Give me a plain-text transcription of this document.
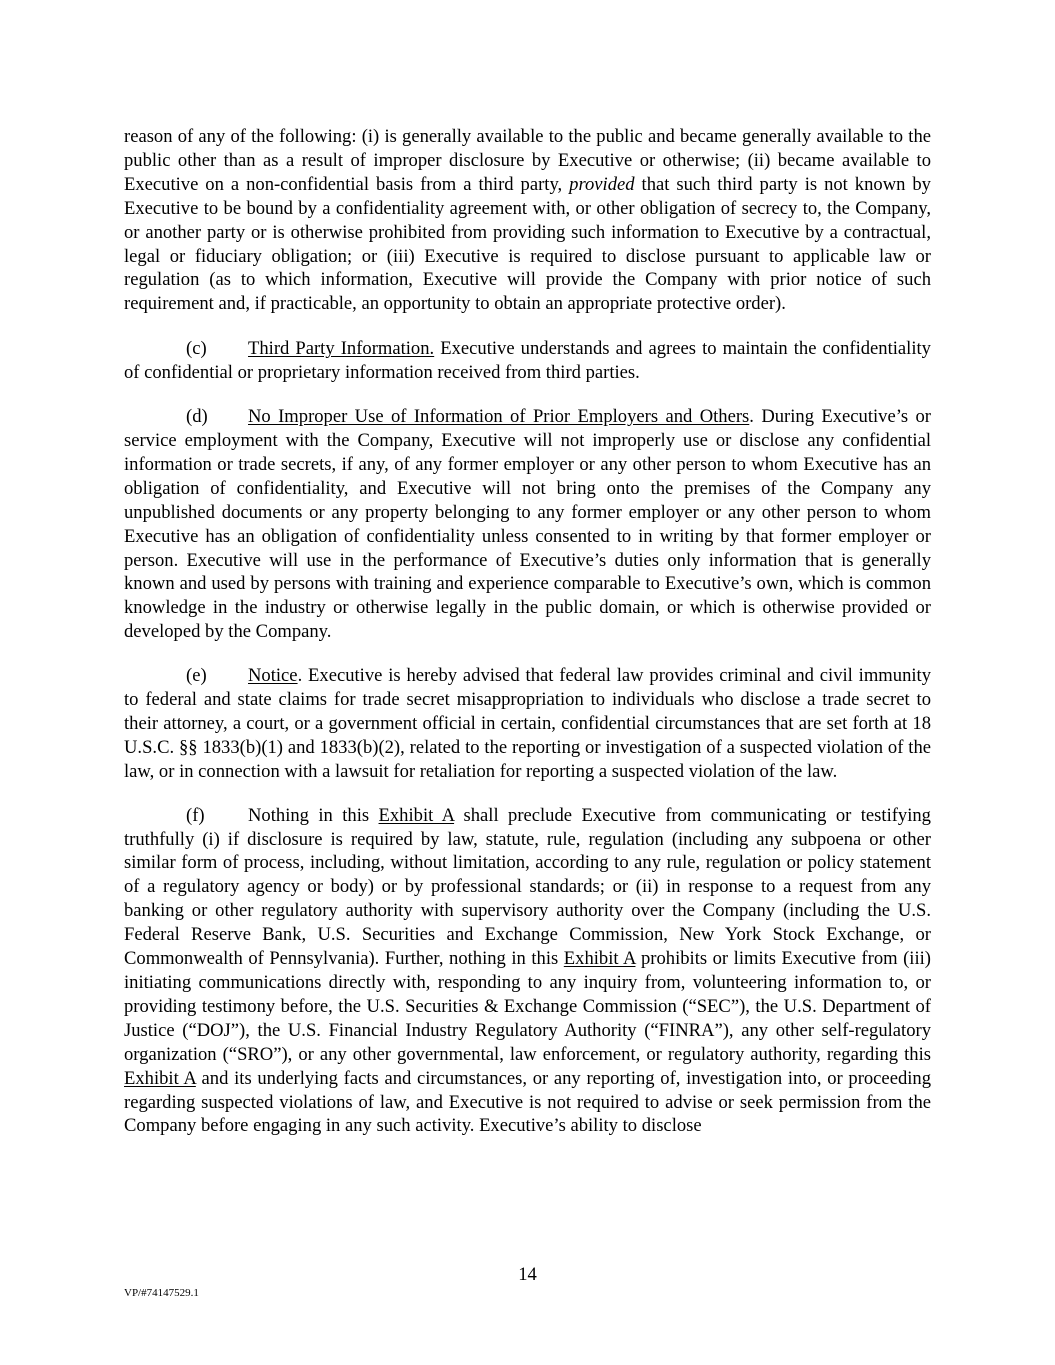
reason of any of the following: (i) is generally available to the public and became generally available to the public other than as a result of improper disclosure by Executive or otherwise; (ii) became available to Executive on a non-confidential basis from a third party, provided that such third party is not known by Executive to be bound by a confidentiality agreement with, or other obligation of secrecy to, the Company, or another party or is otherwise prohibited from providing such information to Executive by a contractual, legal or fiduciary obligation; or (iii) Executive is required to disclose pursuant to applicable law or regulation (as to which information, Executive will provide the Company with prior notice of such requirement and, if practicable, an opportunity to obtain an appropriate protective order).

(c) Third Party Information. Executive understands and agrees to maintain the confidentiality of confidential or proprietary information received from third parties.

(d) No Improper Use of Information of Prior Employers and Others. During Executive’s or service employment with the Company, Executive will not improperly use or disclose any confidential information or trade secrets, if any, of any former employer or any other person to whom Executive has an obligation of confidentiality, and Executive will not bring onto the premises of the Company any unpublished documents or any property belonging to any former employer or any other person to whom Executive has an obligation of confidentiality unless consented to in writing by that former employer or person. Executive will use in the performance of Executive’s duties only information that is generally known and used by persons with training and experience comparable to Executive’s own, which is common knowledge in the industry or otherwise legally in the public domain, or which is otherwise provided or developed by the Company.

(e) Notice. Executive is hereby advised that federal law provides criminal and civil immunity to federal and state claims for trade secret misappropriation to individuals who disclose a trade secret to their attorney, a court, or a government official in certain, confidential circumstances that are set forth at 18 U.S.C. §§ 1833(b)(1) and 1833(b)(2), related to the reporting or investigation of a suspected violation of the law, or in connection with a lawsuit for retaliation for reporting a suspected violation of the law.

(f) Nothing in this Exhibit A shall preclude Executive from communicating or testifying truthfully (i) if disclosure is required by law, statute, rule, regulation (including any subpoena or other similar form of process, including, without limitation, according to any rule, regulation or policy statement of a regulatory agency or body) or by professional standards; or (ii) in response to a request from any banking or other regulatory authority with supervisory authority over the Company (including the U.S. Federal Reserve Bank, U.S. Securities and Exchange Commission, New York Stock Exchange, or Commonwealth of Pennsylvania). Further, nothing in this Exhibit A prohibits or limits Executive from (iii) initiating communications directly with, responding to any inquiry from, volunteering information to, or providing testimony before, the U.S. Securities & Exchange Commission (“SEC”), the U.S. Department of Justice (“DOJ”), the U.S. Financial Industry Regulatory Authority (“FINRA”), any other self-regulatory organization (“SRO”), or any other governmental, law enforcement, or regulatory authority, regarding this Exhibit A and its underlying facts and circumstances, or any reporting of, investigation into, or proceeding regarding suspected violations of law, and Executive is not required to advise or seek permission from the Company before engaging in any such activity. Executive’s ability to disclose

14
VP/#74147529.1
